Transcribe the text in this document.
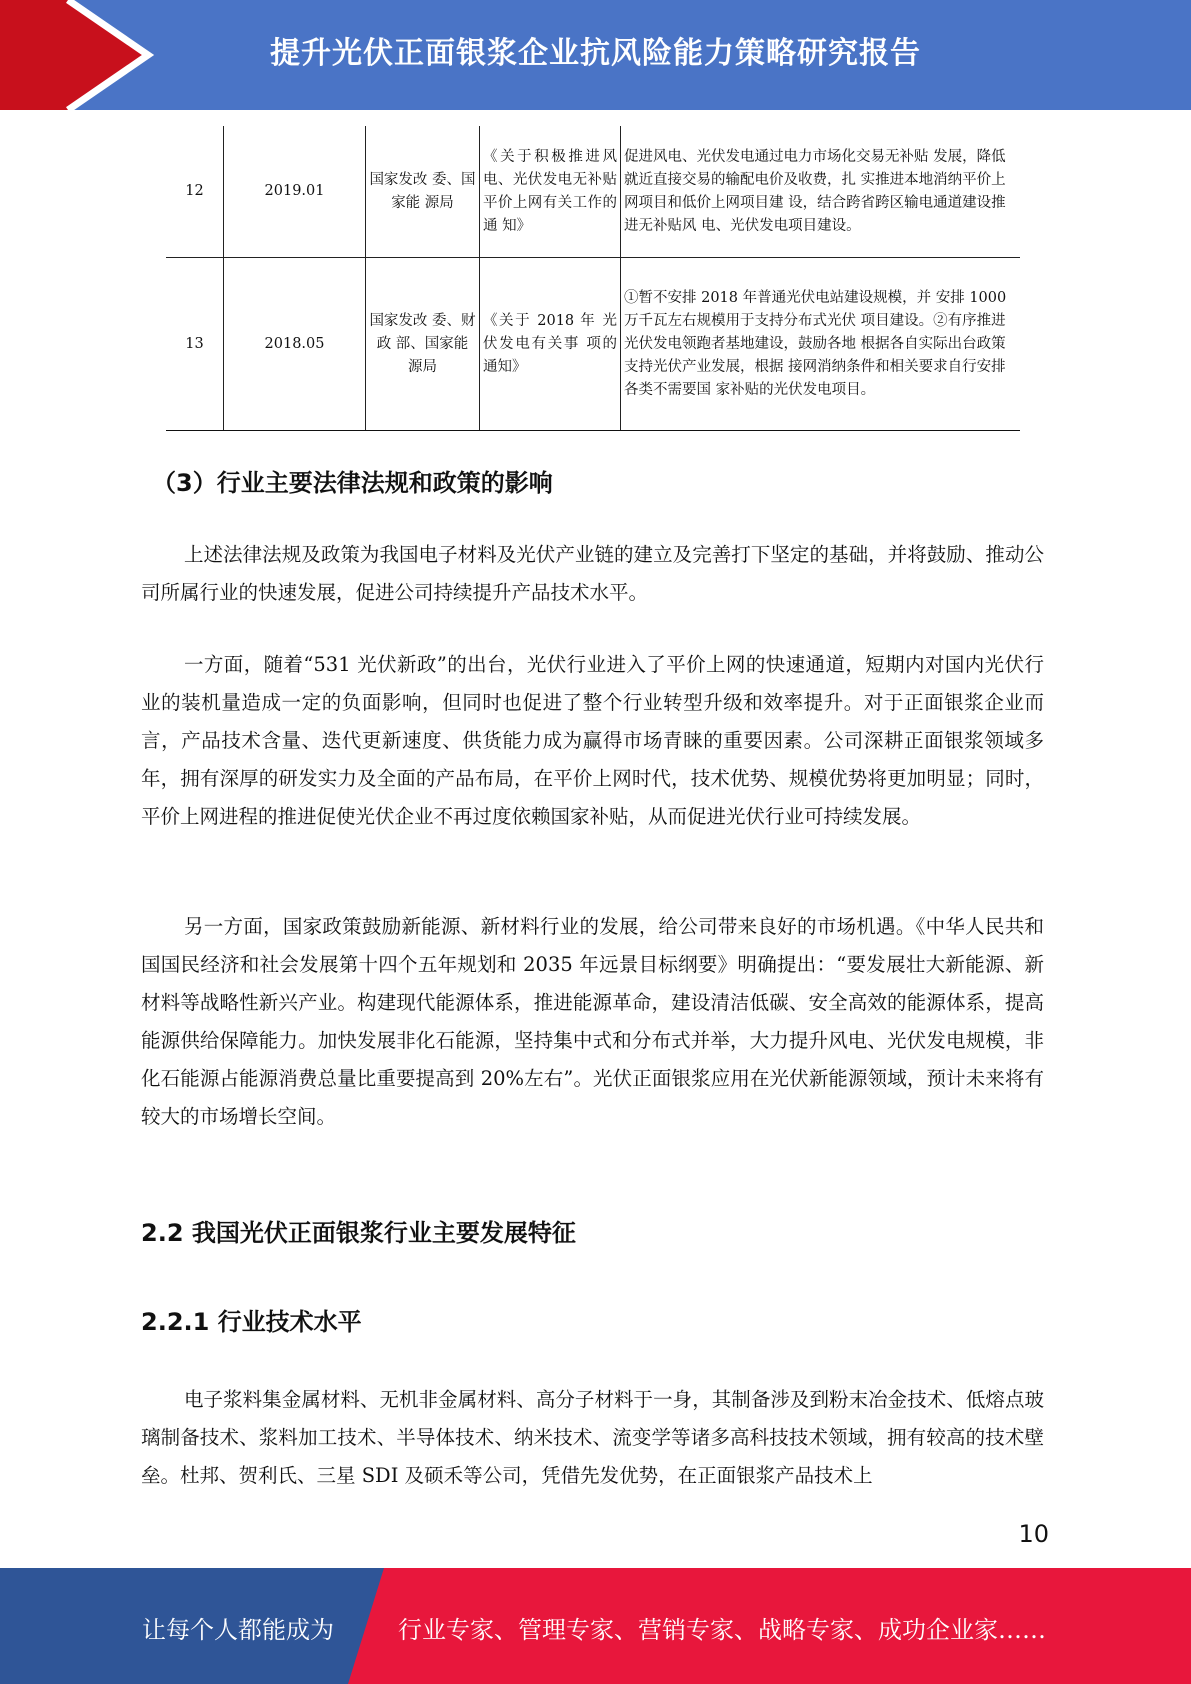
提升光伏正面银浆企业抗风险能力策略研究报告
12	2019.01	国家发改 委、国家能 源局	《关于积极推进风电、光伏发电无补贴平价上网有关工作的通 知》	促进风电、光伏发电通过电力市场化交易无补贴 发展，降低就近直接交易的输配电价及收费，扎 实推进本地消纳平价上网项目和低价上网项目建 设，结合跨省跨区输电通道建设推进无补贴风 电、光伏发电项目建设。
13	2018.05	国家发改 委、财政 部、国家能 源局	《关于 2018 年 光伏发电有关事 项的通知》	①暂不安排 2018 年普通光伏电站建设规模，并 安排 1000 万千瓦左右规模用于支持分布式光伏 项目建设。②有序推进光伏发电领跑者基地建设，鼓励各地 根据各自实际出台政策支持光伏产业发展，根据 接网消纳条件和相关要求自行安排各类不需要国 家补贴的光伏发电项目。
（3）行业主要法律法规和政策的影响

上述法律法规及政策为我国电子材料及光伏产业链的建立及完善打下坚定的基础，并将鼓励、推动公司所属行业的快速发展，促进公司持续提升产品技术水平。

一方面，随着“531 光伏新政”的出台，光伏行业进入了平价上网的快速通道，短期内对国内光伏行业的装机量造成一定的负面影响，但同时也促进了整个行业转型升级和效率提升。对于正面银浆企业而言，产品技术含量、迭代更新速度、供货能力成为赢得市场青睐的重要因素。公司深耕正面银浆领域多年，拥有深厚的研发实力及全面的产品布局，在平价上网时代，技术优势、规模优势将更加明显；同时，平价上网进程的推进促使光伏企业不再过度依赖国家补贴，从而促进光伏行业可持续发展。

另一方面，国家政策鼓励新能源、新材料行业的发展，给公司带来良好的市场机遇。《中华人民共和国国民经济和社会发展第十四个五年规划和 2035 年远景目标纲要》明确提出：“要发展壮大新能源、新材料等战略性新兴产业。构建现代能源体系，推进能源革命，建设清洁低碳、安全高效的能源体系，提高能源供给保障能力。加快发展非化石能源，坚持集中式和分布式并举，大力提升风电、光伏发电规模，非化石能源占能源消费总量比重要提高到 20%左右”。光伏正面银浆应用在光伏新能源领域，预计未来将有较大的市场增长空间。

2.2 我国光伏正面银浆行业主要发展特征
2.2.1 行业技术水平

电子浆料集金属材料、无机非金属材料、高分子材料于一身，其制备涉及到粉末冶金技术、低熔点玻璃制备技术、浆料加工技术、半导体技术、纳米技术、流变学等诸多高科技技术领域，拥有较高的技术壁垒。杜邦、贺利氏、三星 SDI 及硕禾等公司，凭借先发优势，在正面银浆产品技术上

10
让每个人都能成为	行业专家、管理专家、营销专家、战略专家、成功企业家……
